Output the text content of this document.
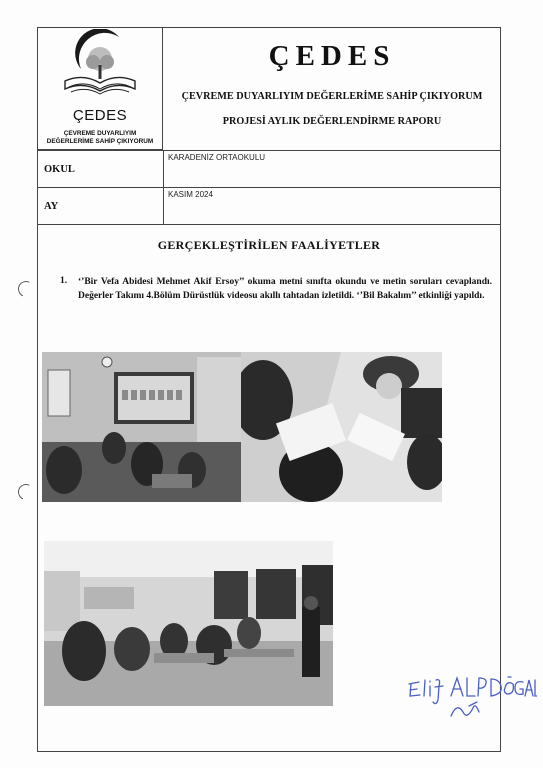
ÇEDES
ÇEVREME DUYARLIYIM
DEĞERLERİME SAHİP ÇIKIYORUM
ÇEDES
ÇEVREME DUYARLIYIM DEĞERLERİME SAHİP ÇIKIYORUM
PROJESİ AYLIK DEĞERLENDİRME RAPORU
OKUL
KARADENİZ ORTAOKULU
AY
KASIM 2024
GERÇEKLEŞTİRİLEN FAALİYETLER
1. ‘’Bir Vefa Abidesi Mehmet Akif Ersoy’’ okuma metni sınıfta okundu ve metin soruları cevaplandı. Değerler Takımı 4.Bölüm Dürüstlük videosu akıllı tahtadan izletildi. ‘’Bil Bakalım’’ etkinliği yapıldı.
